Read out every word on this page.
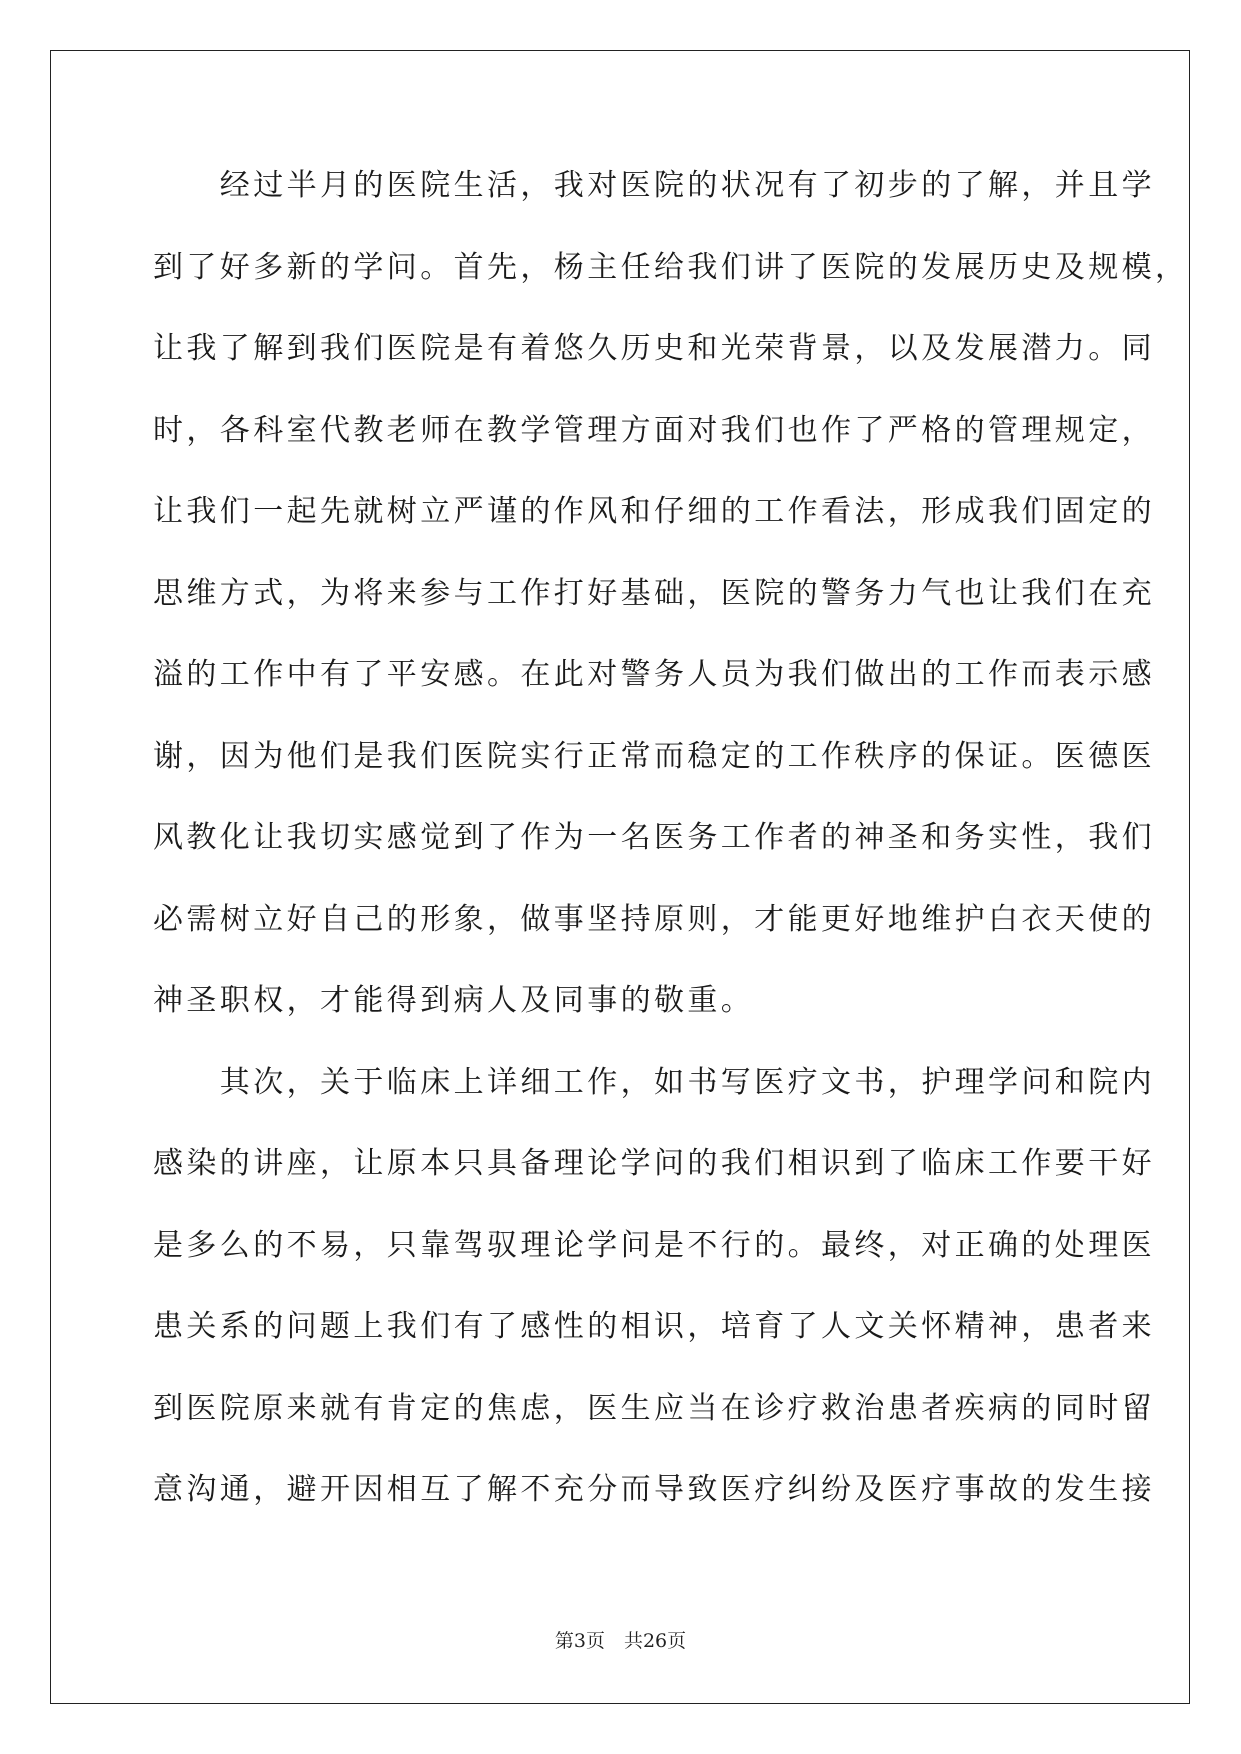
　　经过半月的医院生活，我对医院的状况有了初步的了解，并且学
到了好多新的学问。首先，杨主任给我们讲了医院的发展历史及规模，
让我了解到我们医院是有着悠久历史和光荣背景，以及发展潜力。同
时，各科室代教老师在教学管理方面对我们也作了严格的管理规定，
让我们一起先就树立严谨的作风和仔细的工作看法，形成我们固定的
思维方式，为将来参与工作打好基础，医院的警务力气也让我们在充
溢的工作中有了平安感。在此对警务人员为我们做出的工作而表示感
谢，因为他们是我们医院实行正常而稳定的工作秩序的保证。医德医
风教化让我切实感觉到了作为一名医务工作者的神圣和务实性，我们
必需树立好自己的形象，做事坚持原则，才能更好地维护白衣天使的
神圣职权，才能得到病人及同事的敬重。
　　其次，关于临床上详细工作，如书写医疗文书，护理学问和院内
感染的讲座，让原本只具备理论学问的我们相识到了临床工作要干好
是多么的不易，只靠驾驭理论学问是不行的。最终，对正确的处理医
患关系的问题上我们有了感性的相识，培育了人文关怀精神，患者来
到医院原来就有肯定的焦虑，医生应当在诊疗救治患者疾病的同时留
意沟通，避开因相互了解不充分而导致医疗纠纷及医疗事故的发生接
第3页　共26页
